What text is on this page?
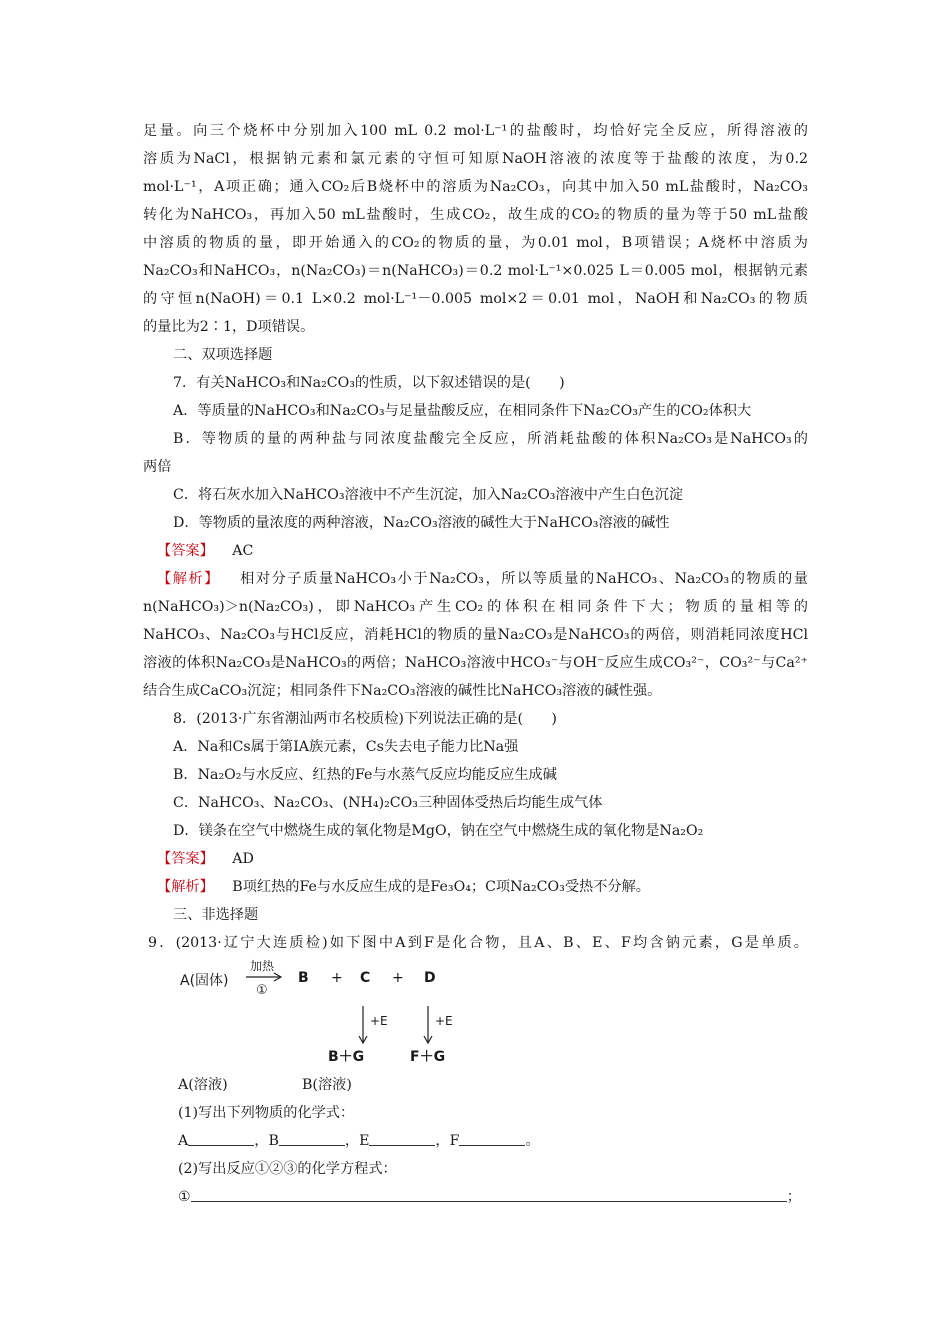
足量。向三个烧杯中分别加入100 mL 0.2 mol·L⁻¹的盐酸时，均恰好完全反应，所得溶液的
溶质为NaCl，根据钠元素和氯元素的守恒可知原NaOH溶液的浓度等于盐酸的浓度，为0.2
mol·L⁻¹，A项正确；通入CO₂后B烧杯中的溶质为Na₂CO₃，向其中加入50 mL盐酸时，Na₂CO₃
转化为NaHCO₃，再加入50 mL盐酸时，生成CO₂，故生成的CO₂的物质的量为等于50 mL盐酸
中溶质的物质的量，即开始通入的CO₂的物质的量，为0.01 mol，B项错误；A烧杯中溶质为
Na₂CO₃和NaHCO₃，n(Na₂CO₃)＝n(NaHCO₃)＝0.2 mol·L⁻¹×0.025 L＝0.005 mol，根据钠元素
的守恒n(NaOH)＝0.1 L×0.2 mol·L⁻¹－0.005 mol×2＝0.01 mol，NaOH和Na₂CO₃的物质
的量比为2∶1，D项错误。
二、双项选择题
7．有关NaHCO₃和Na₂CO₃的性质，以下叙述错误的是(　　)
A．等质量的NaHCO₃和Na₂CO₃与足量盐酸反应，在相同条件下Na₂CO₃产生的CO₂体积大
B．等物质的量的两种盐与同浓度盐酸完全反应，所消耗盐酸的体积Na₂CO₃是NaHCO₃的
两倍
C．将石灰水加入NaHCO₃溶液中不产生沉淀，加入Na₂CO₃溶液中产生白色沉淀
D．等物质的量浓度的两种溶液，Na₂CO₃溶液的碱性大于NaHCO₃溶液的碱性
【答案】 AC
【解析】 相对分子质量NaHCO₃小于Na₂CO₃，所以等质量的NaHCO₃、Na₂CO₃的物质的量
n(NaHCO₃)＞n(Na₂CO₃)，即NaHCO₃产生CO₂的体积在相同条件下大；物质的量相等的
NaHCO₃、Na₂CO₃与HCl反应，消耗HCl的物质的量Na₂CO₃是NaHCO₃的两倍，则消耗同浓度HCl
溶液的体积Na₂CO₃是NaHCO₃的两倍；NaHCO₃溶液中HCO₃⁻与OH⁻反应生成CO₃²⁻，CO₃²⁻与Ca²⁺
结合生成CaCO₃沉淀；相同条件下Na₂CO₃溶液的碱性比NaHCO₃溶液的碱性强。
8．(2013·广东省潮汕两市名校质检)下列说法正确的是(　　)
A．Na和Cs属于第ⅠA族元素，Cs失去电子能力比Na强
B．Na₂O₂与水反应、红热的Fe与水蒸气反应均能反应生成碱
C．NaHCO₃、Na₂CO₃、(NH₄)₂CO₃三种固体受热后均能生成气体
D．镁条在空气中燃烧生成的氧化物是MgO，钠在空气中燃烧生成的氧化物是Na₂O₂
【答案】 AD
【解析】 B项红热的Fe与水反应生成的是Fe₃O₄；C项Na₂CO₃受热不分解。
三、非选择题
9．(2013·辽宁大连质检)如下图中A到F是化合物，且A、B、E、F均含钠元素，G是单质。
A(固体)
加热
①
B + C + D
+E	+E
B＋G	F＋G
A(溶液)	B(溶液)
(1)写出下列物质的化学式：
A	，B	，E	，F	。
(2)写出反应①②③的化学方程式：
①	；
